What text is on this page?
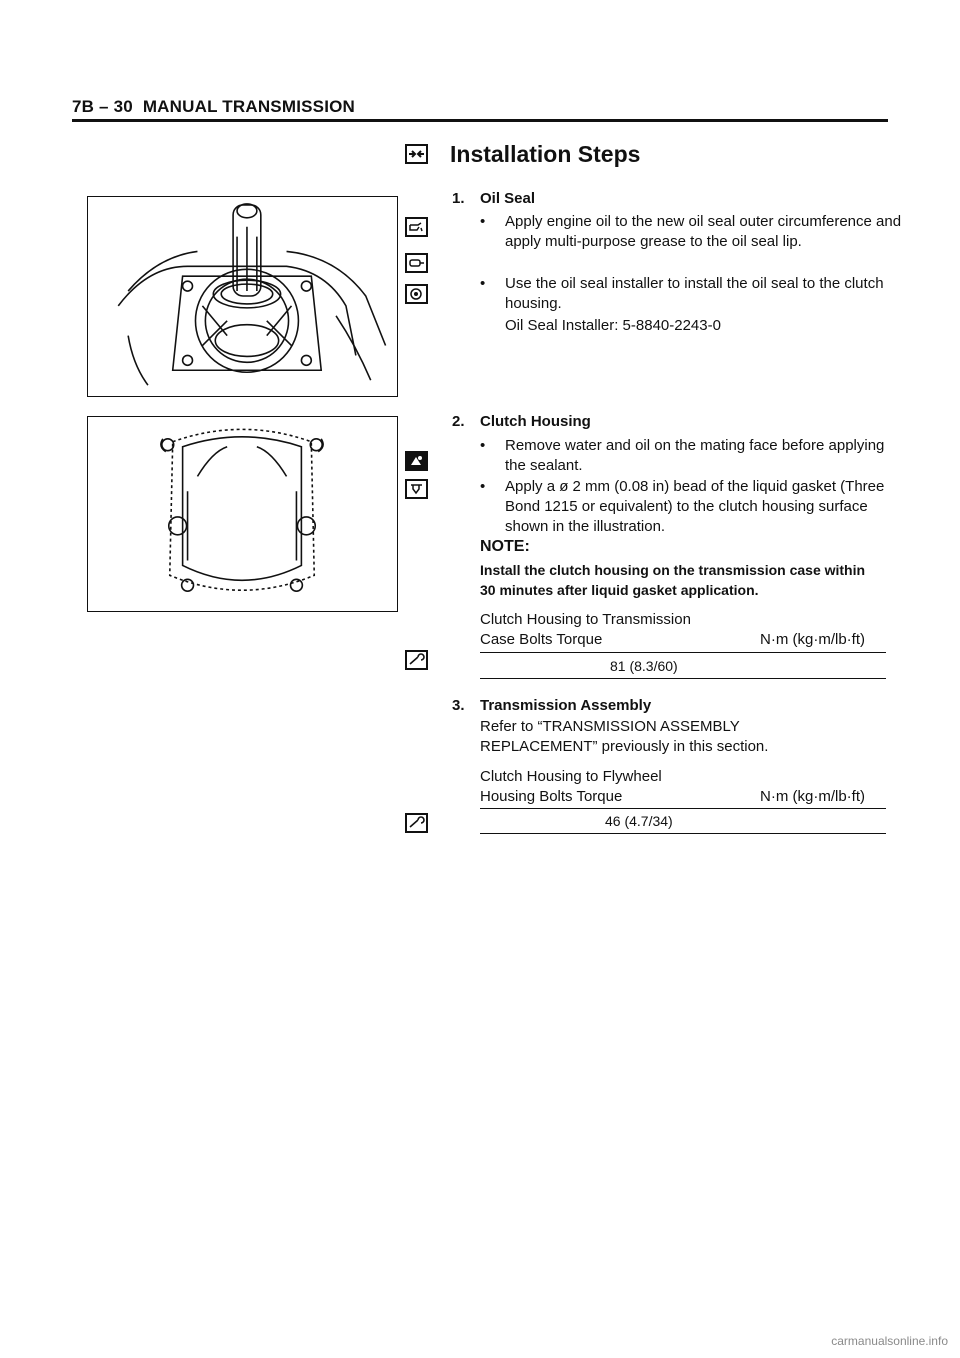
7B – 30 MANUAL TRANSMISSION
Installation Steps
1. Oil Seal
• Apply engine oil to the new oil seal outer circumference and apply multi-purpose grease to the oil seal lip.
• Use the oil seal installer to install the oil seal to the clutch housing.
Oil Seal Installer: 5-8840-2243-0
2. Clutch Housing
• Remove water and oil on the mating face before applying the sealant.
• Apply a ø 2 mm (0.08 in) bead of the liquid gasket (Three Bond 1215 or equivalent) to the clutch housing surface shown in the illustration.
NOTE:
Install the clutch housing on the transmission case within 30 minutes after liquid gasket application.
Clutch Housing to Transmission
Case Bolts Torque	N·m (kg·m/lb·ft)
81 (8.3/60)
3. Transmission Assembly
Refer to “TRANSMISSION ASSEMBLY
REPLACEMENT” previously in this section.
Clutch Housing to Flywheel
Housing Bolts Torque	N·m (kg·m/lb·ft)
46 (4.7/34)
carmanualsonline.info
